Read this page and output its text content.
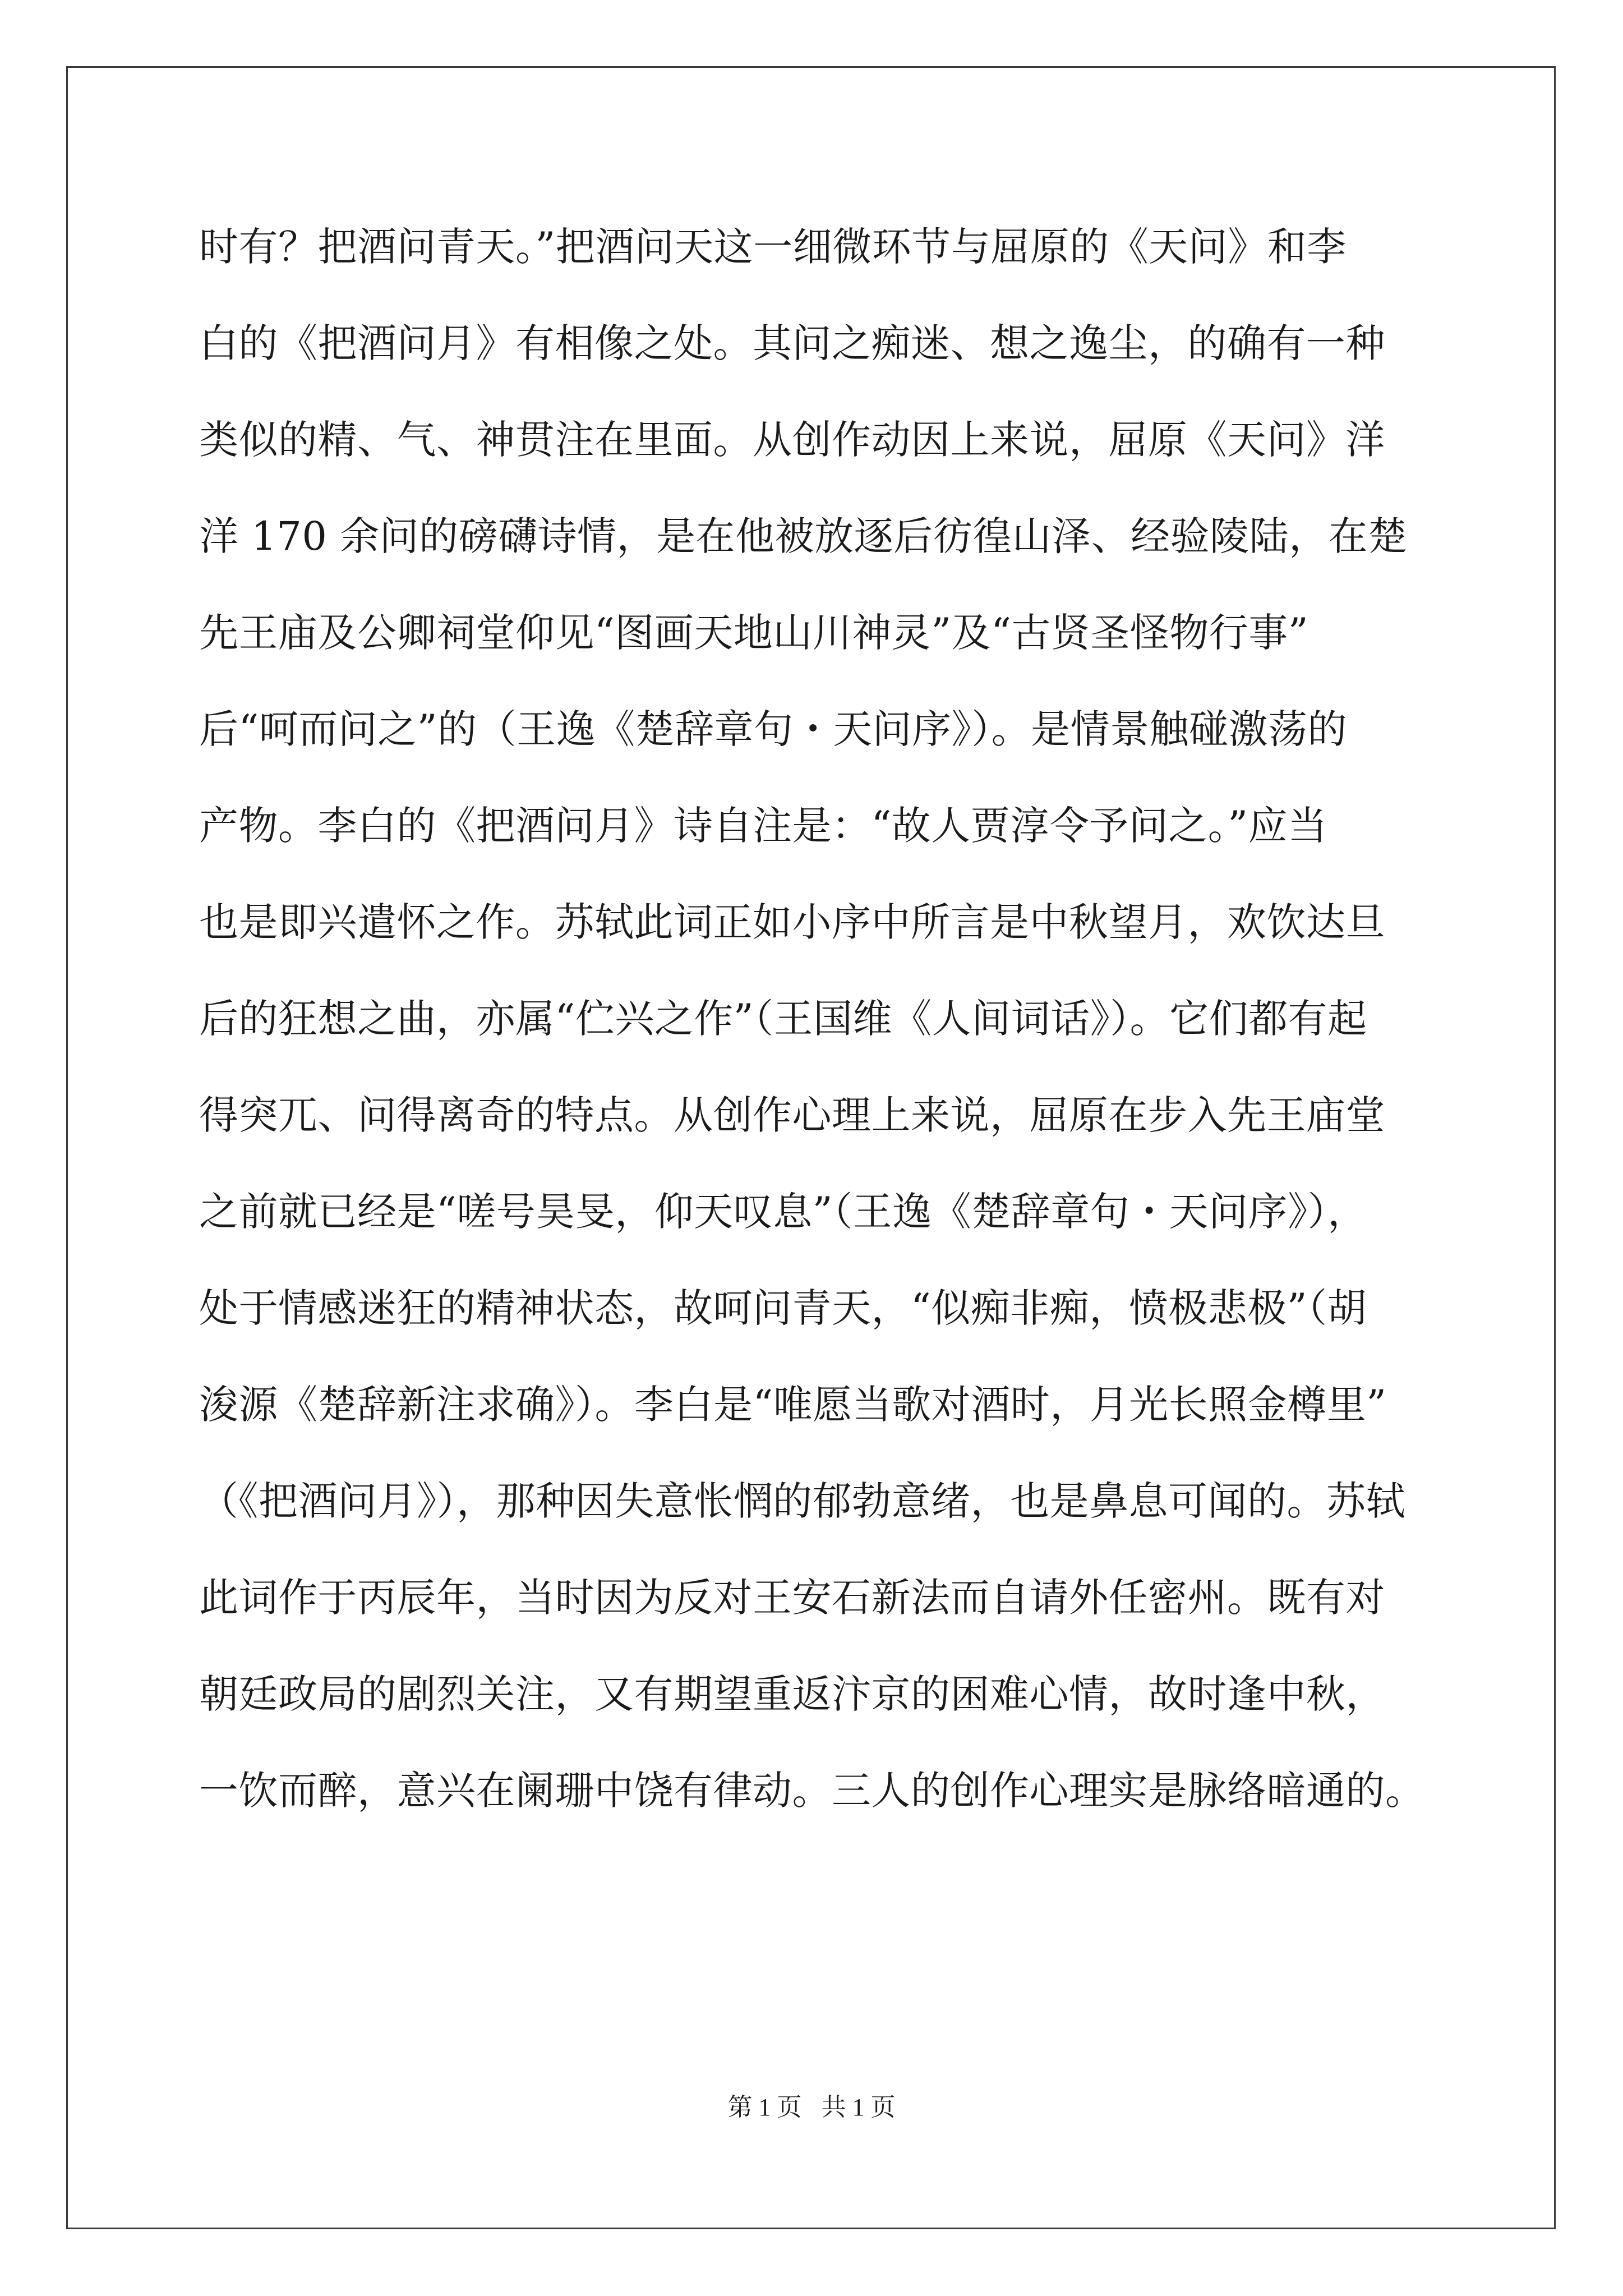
时有？把酒问青天。”把酒问天这一细微环节与屈原的《天问》和李
白的《把酒问月》有相像之处。其问之痴迷、想之逸尘，的确有一种
类似的精、气、神贯注在里面。从创作动因上来说，屈原《天问》洋
洋 170 余问的磅礴诗情，是在他被放逐后彷徨山泽、经验陵陆，在楚
先王庙及公卿祠堂仰见“图画天地山川神灵”及“古贤圣怪物行事”
后“呵而问之”的（王逸《楚辞章句・天问序》）。是情景触碰激荡的
产物。李白的《把酒问月》诗自注是：“故人贾淳令予问之。”应当
也是即兴遣怀之作。苏轼此词正如小序中所言是中秋望月，欢饮达旦
后的狂想之曲，亦属“伫兴之作”（王国维《人间词话》）。它们都有起
得突兀、问得离奇的特点。从创作心理上来说，屈原在步入先王庙堂
之前就已经是“嗟号昊旻，仰天叹息”（王逸《楚辞章句・天问序》），
处于情感迷狂的精神状态，故呵问青天，“似痴非痴，愤极悲极”（胡
浚源《楚辞新注求确》）。李白是“唯愿当歌对酒时，月光长照金樽里”
（《把酒问月》），那种因失意怅惘的郁勃意绪，也是鼻息可闻的。苏轼
此词作于丙辰年，当时因为反对王安石新法而自请外任密州。既有对
朝廷政局的剧烈关注，又有期望重返汴京的困难心情，故时逢中秋，
一饮而醉，意兴在阑珊中饶有律动。三人的创作心理实是脉络暗通的。
第 1 页 共 1 页
